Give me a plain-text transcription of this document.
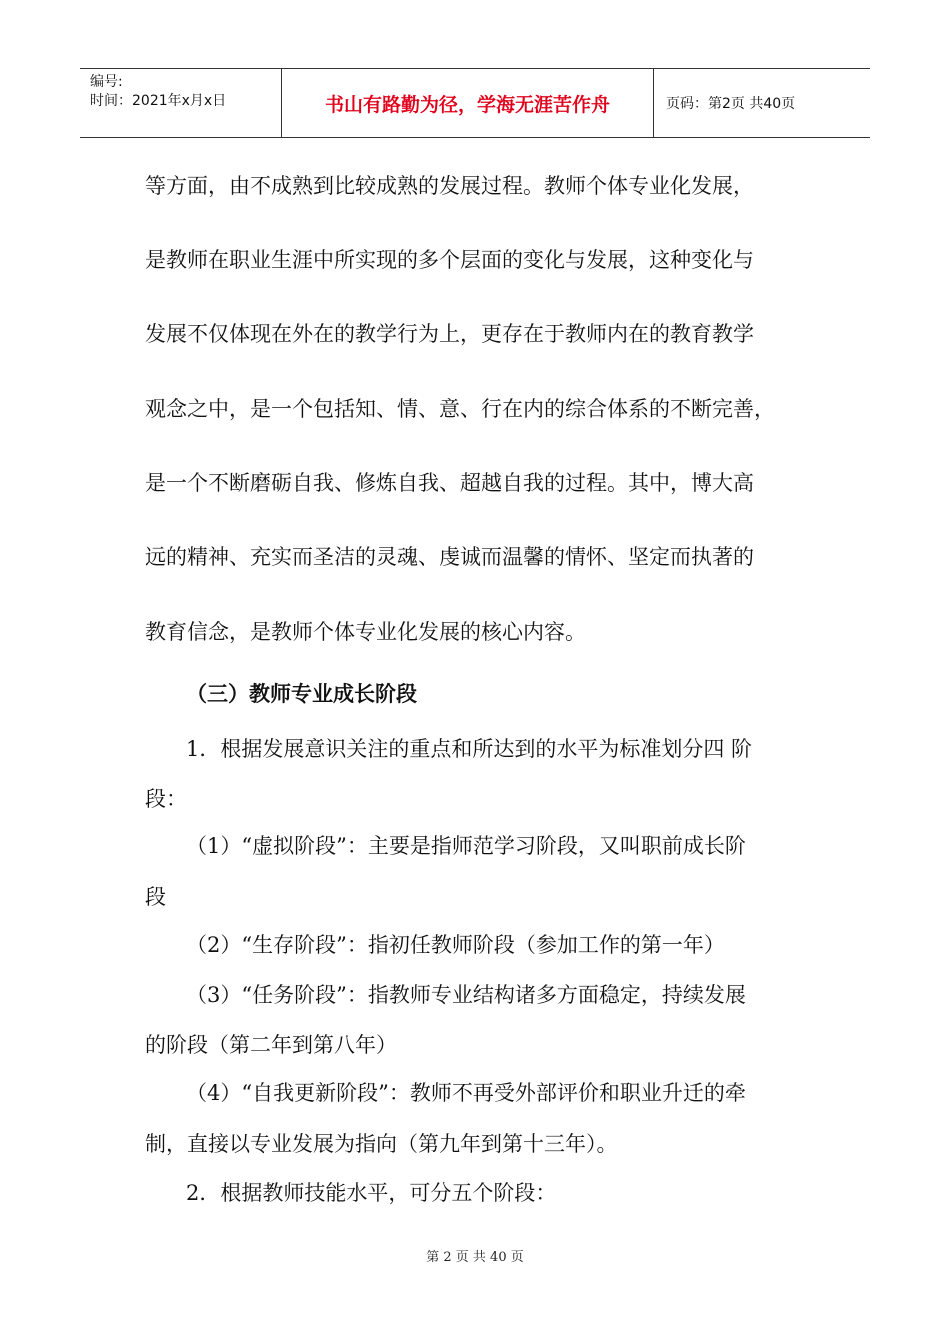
编号:
时间：2021年x月x日	书山有路勤为径，学海无涯苦作舟	页码：第2页 共40页
等方面，由不成熟到比较成熟的发展过程。教师个体专业化发展，
是教师在职业生涯中所实现的多个层面的变化与发展，这种变化与
发展不仅体现在外在的教学行为上，更存在于教师内在的教育教学
观念之中，是一个包括知、情、意、行在内的综合体系的不断完善，
是一个不断磨砺自我、修炼自我、超越自我的过程。其中，博大高
远的精神、充实而圣洁的灵魂、虔诚而温馨的情怀、坚定而执著的
教育信念，是教师个体专业化发展的核心内容。
（三）教师专业成长阶段
1．根据发展意识关注的重点和所达到的水平为标准划分四 阶
段：
（1）“虚拟阶段”：主要是指师范学习阶段，又叫职前成长阶
段
（2）“生存阶段”：指初任教师阶段（参加工作的第一年）
（3）“任务阶段”：指教师专业结构诸多方面稳定，持续发展
的阶段（第二年到第八年）
（4）“自我更新阶段”：教师不再受外部评价和职业升迁的牵
制，直接以专业发展为指向（第九年到第十三年）。
2．根据教师技能水平，可分五个阶段：
第 2 页 共 40 页
